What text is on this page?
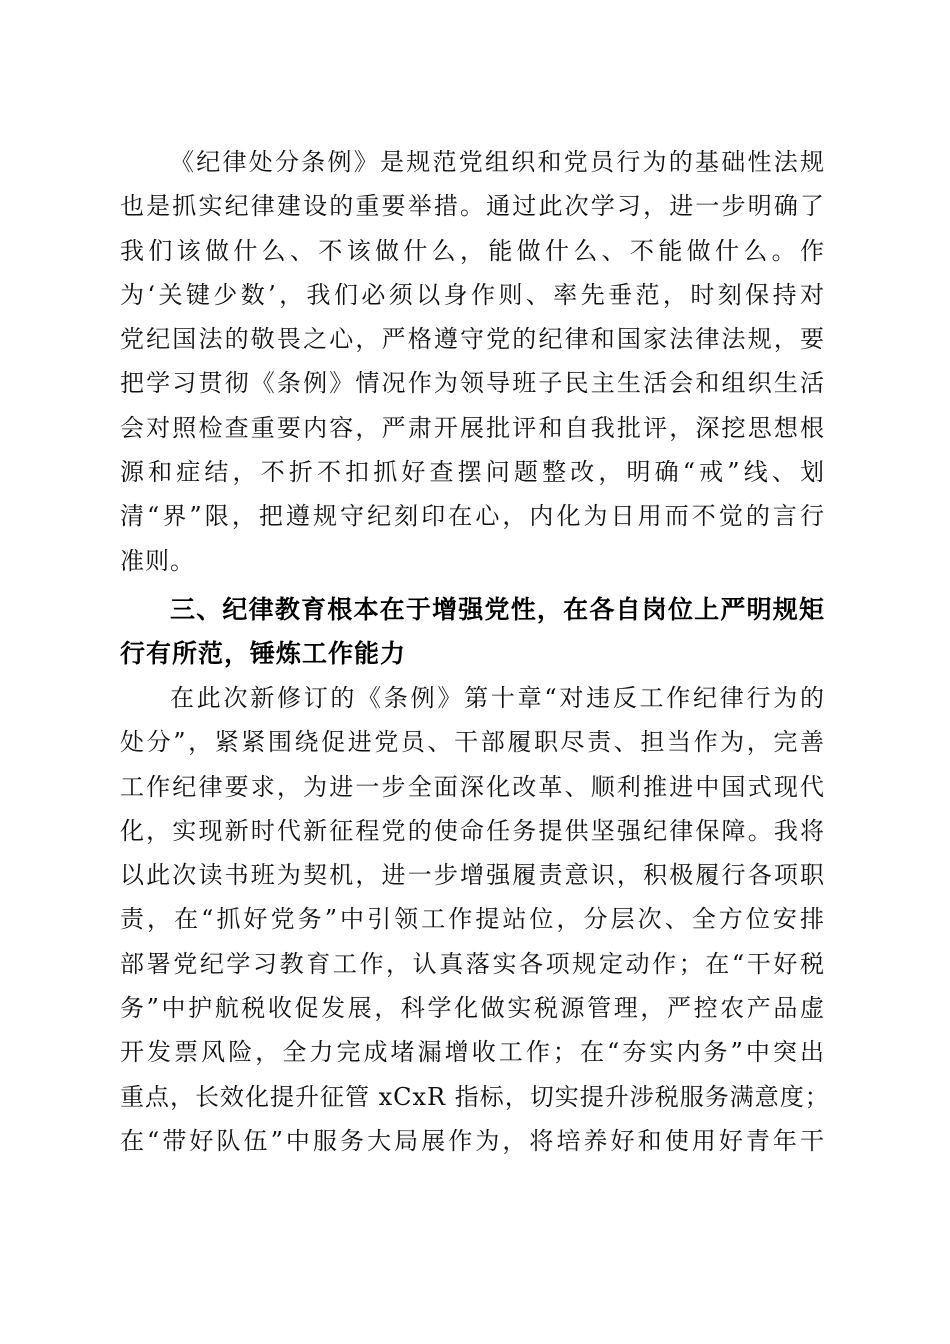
《纪律处分条例》是规范党组织和党员行为的基础性法规
也是抓实纪律建设的重要举措。通过此次学习，进一步明确了
我们该做什么、不该做什么，能做什么、不能做什么。作
为‘关键少数’，我们必须以身作则、率先垂范，时刻保持对
党纪国法的敬畏之心，严格遵守党的纪律和国家法律法规，要
把学习贯彻《条例》情况作为领导班子民主生活会和组织生活
会对照检查重要内容，严肃开展批评和自我批评，深挖思想根
源和症结，不折不扣抓好查摆问题整改，明确“戒”线、划
清“界”限，把遵规守纪刻印在心，内化为日用而不觉的言行
准则。
三、纪律教育根本在于增强党性，在各自岗位上严明规矩
行有所范，锤炼工作能力
在此次新修订的《条例》第十章“对违反工作纪律行为的
处分”，紧紧围绕促进党员、干部履职尽责、担当作为，完善
工作纪律要求，为进一步全面深化改革、顺利推进中国式现代
化，实现新时代新征程党的使命任务提供坚强纪律保障。我将
以此次读书班为契机，进一步增强履责意识，积极履行各项职
责，在“抓好党务”中引领工作提站位，分层次、全方位安排
部署党纪学习教育工作，认真落实各项规定动作；在“干好税
务”中护航税收促发展，科学化做实税源管理，严控农产品虚
开发票风险，全力完成堵漏增收工作；在“夯实内务”中突出
重点，长效化提升征管 xCxR 指标，切实提升涉税服务满意度；
在“带好队伍”中服务大局展作为，将培养好和使用好青年干
